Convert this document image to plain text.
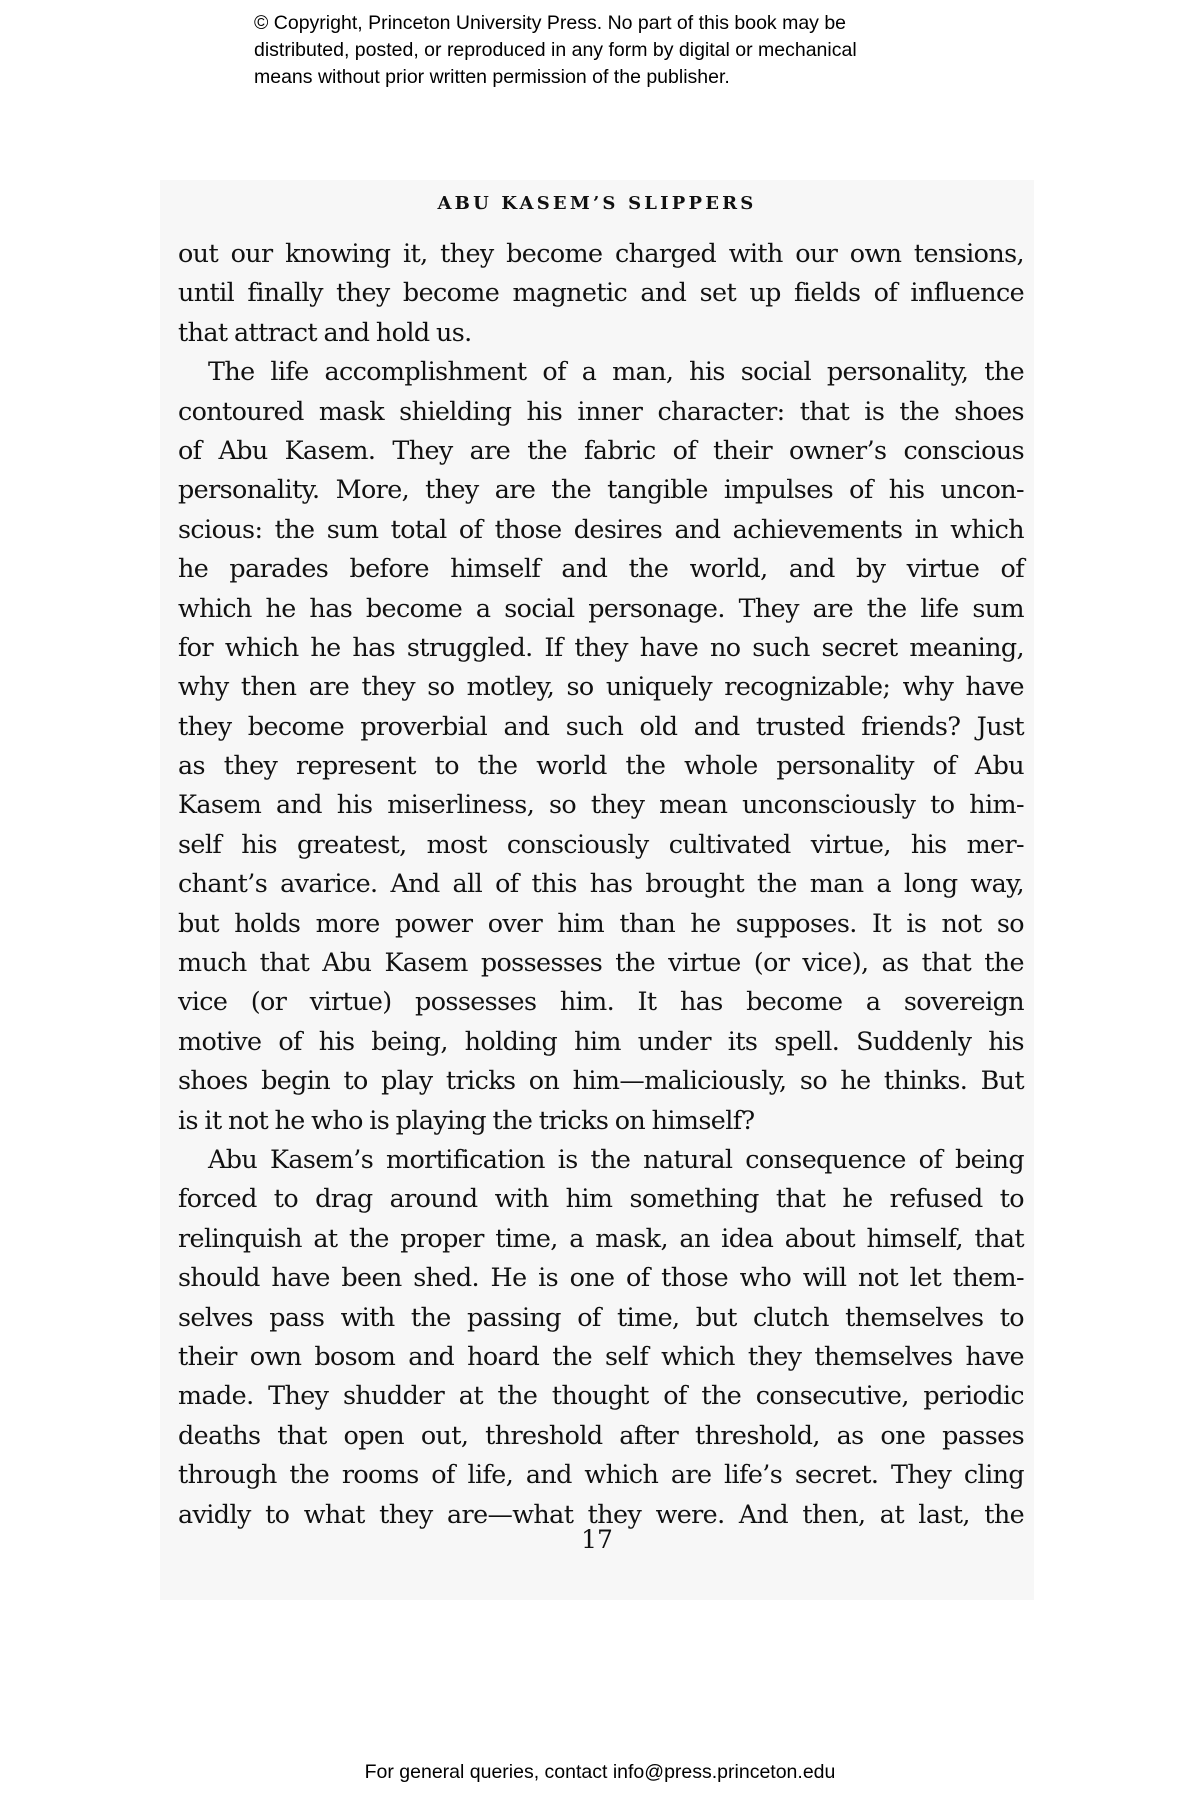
© Copyright, Princeton University Press. No part of this book may be
distributed, posted, or reproduced in any form by digital or mechanical
means without prior written permission of the publisher.
ABU KASEM’S SLIPPERS
out our knowing it, they become charged with our own tensions,
until finally they become magnetic and set up fields of influence
that attract and hold us.
The life accomplishment of a man, his social personality, the
contoured mask shielding his inner character: that is the shoes
of Abu Kasem. They are the fabric of their owner’s conscious
personality. More, they are the tangible impulses of his uncon-
scious: the sum total of those desires and achievements in which
he parades before himself and the world, and by virtue of
which he has become a social personage. They are the life sum
for which he has struggled. If they have no such secret meaning,
why then are they so motley, so uniquely recognizable; why have
they become proverbial and such old and trusted friends? Just
as they represent to the world the whole personality of Abu
Kasem and his miserliness, so they mean unconsciously to him-
self his greatest, most consciously cultivated virtue, his mer-
chant’s avarice. And all of this has brought the man a long way,
but holds more power over him than he supposes. It is not so
much that Abu Kasem possesses the virtue (or vice), as that the
vice (or virtue) possesses him. It has become a sovereign
motive of his being, holding him under its spell. Suddenly his
shoes begin to play tricks on him—maliciously, so he thinks. But
is it not he who is playing the tricks on himself?
Abu Kasem’s mortification is the natural consequence of being
forced to drag around with him something that he refused to
relinquish at the proper time, a mask, an idea about himself, that
should have been shed. He is one of those who will not let them-
selves pass with the passing of time, but clutch themselves to
their own bosom and hoard the self which they themselves have
made. They shudder at the thought of the consecutive, periodic
deaths that open out, threshold after threshold, as one passes
through the rooms of life, and which are life’s secret. They cling
avidly to what they are—what they were. And then, at last, the
17
For general queries, contact info@press.princeton.edu
